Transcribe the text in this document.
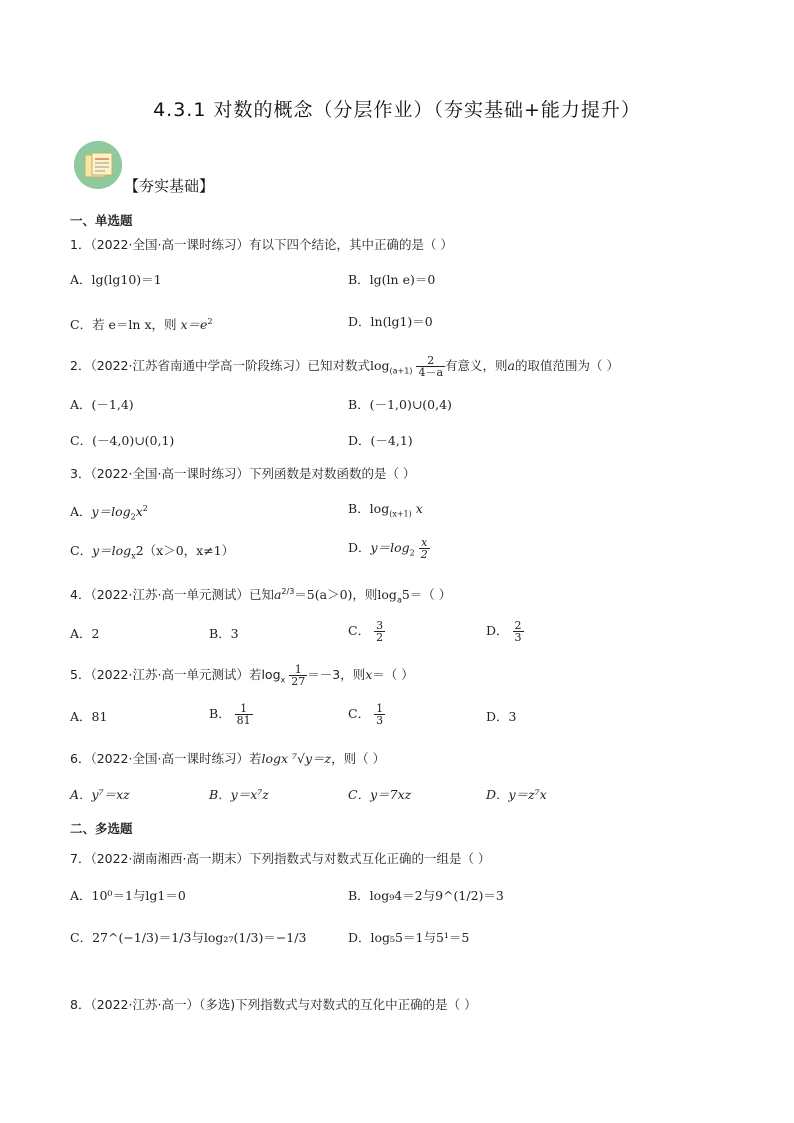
4.3.1 对数的概念（分层作业）（夯实基础+能力提升）
【夯实基础】
一、单选题
1．（2022·全国·高一课时练习）有以下四个结论，其中正确的是（ ）
A．lg(lg10)＝1	B．lg(ln e)＝0
C．若 e＝ln x，则 $x=e^2$	D．ln(lg1)＝0
2．（2022·江苏省南通中学高一阶段练习）已知对数式$\log_{(a+1)} \frac{2}{4-a}$ 有意义，则a的取值范围为（ ）
A．(－1,4)	B．(－1,0)∪(0,4)
C．(－4,0)∪(0,1)	D．(－4,1)
3．（2022·全国·高一课时练习）下列函数是对数函数的是（ ）
A．$y=\log_2x^2$	B．$\log_{(x+1)} x$
C．$y=\log_x2(x>0$，x≠1）	D．$y=\log_2 \frac{x}{2}$
4．（2022·江苏·高一单元测试）已知$a^{2/3}=5(a>0)$，则$\log_a5=$（ ）
A．2	B．3	C． $\frac{3}{2}$	D． $\frac{2}{3}$
5．（2022·江苏·高一单元测试）若$\log_x \frac{1}{27} =-3$，则x＝（ ）
A．81	B． $\frac{1}{81}$	C． $\frac{1}{3}$	D．3
6．（2022·全国·高一课时练习）若logx ⁷√y＝z，则（ ）
A．y⁷＝xz	B．y＝x⁷z	C．y＝7xz	D．y＝z⁷x
二、多选题
7．（2022·湖南湘西·高一期末）下列指数式与对数式互化正确的一组是（ ）
A．10⁰＝1与lg1＝0	B．log₉4＝2与9^(1/2)＝3
C．27^(−1/3)＝1/3与log₂₇(1/3)＝−1/3	D．log₅5＝1与5¹＝5
8．（2022·江苏·高一）（多选)下列指数式与对数式的互化中正确的是（ ）
